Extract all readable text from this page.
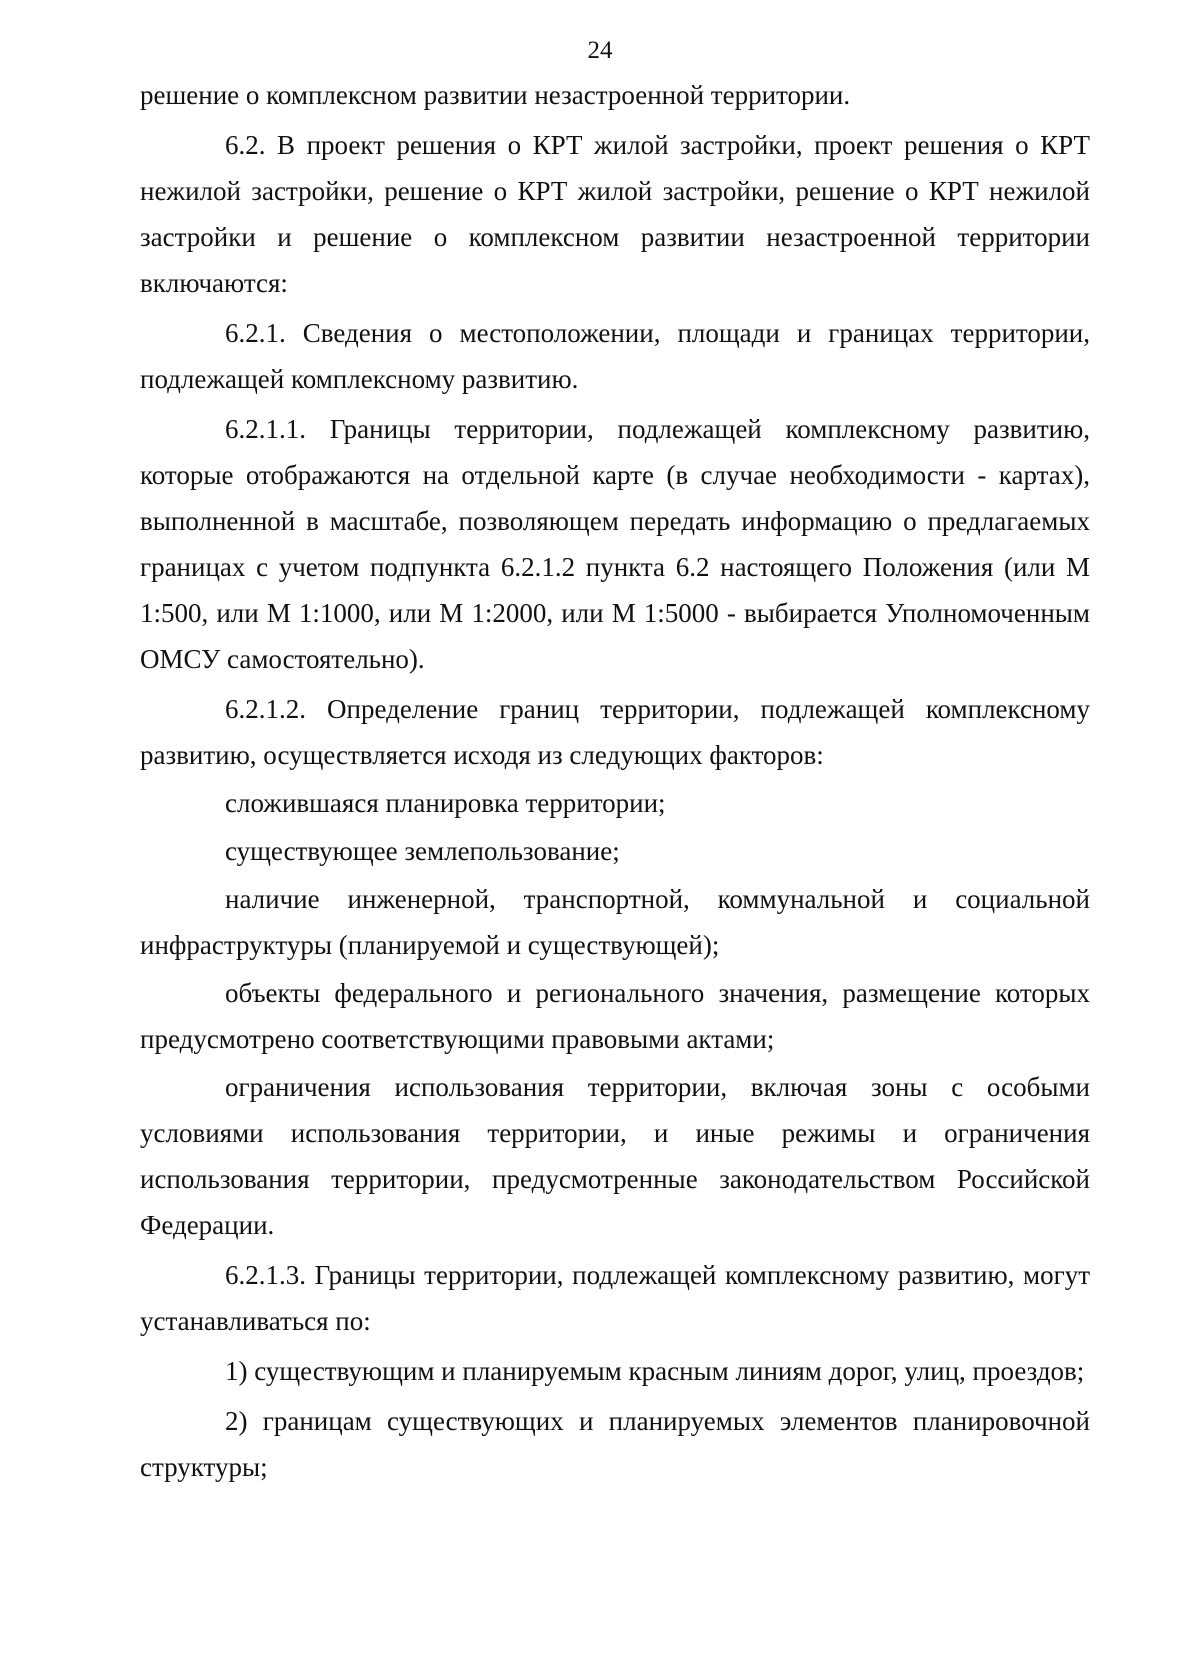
24

решение о комплексном развитии незастроенной территории.

6.2. В проект решения о КРТ жилой застройки, проект решения о КРТ нежилой застройки, решение о КРТ жилой застройки, решение о КРТ нежилой застройки и решение о комплексном развитии незастроенной территории включаются:

6.2.1. Сведения о местоположении, площади и границах территории, подлежащей комплексному развитию.

6.2.1.1. Границы территории, подлежащей комплексному развитию, которые отображаются на отдельной карте (в случае необходимости - картах), выполненной в масштабе, позволяющем передать информацию о предлагаемых границах с учетом подпункта 6.2.1.2 пункта 6.2 настоящего Положения (или М 1:500, или М 1:1000, или М 1:2000, или М 1:5000 - выбирается Уполномоченным ОМСУ самостоятельно).

6.2.1.2. Определение границ территории, подлежащей комплексному развитию, осуществляется исходя из следующих факторов:

сложившаяся планировка территории;

существующее землепользование;

наличие инженерной, транспортной, коммунальной и социальной инфраструктуры (планируемой и существующей);

объекты федерального и регионального значения, размещение которых предусмотрено соответствующими правовыми актами;

ограничения использования территории, включая зоны с особыми условиями использования территории, и иные режимы и ограничения использования территории, предусмотренные законодательством Российской Федерации.

6.2.1.3. Границы территории, подлежащей комплексному развитию, могут устанавливаться по:

1) существующим и планируемым красным линиям дорог, улиц, проездов;

2) границам существующих и планируемых элементов планировочной структуры;
